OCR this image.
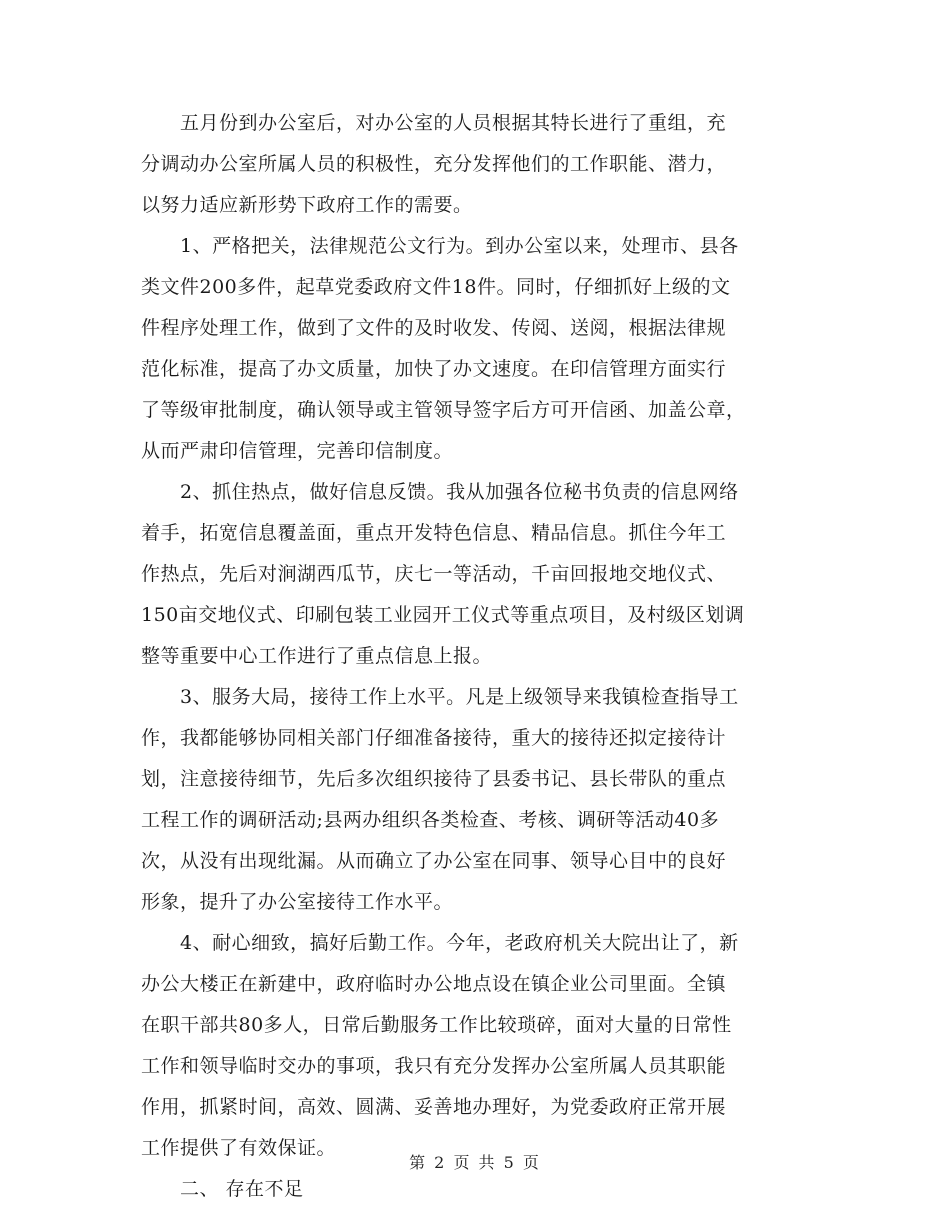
　　五月份到办公室后，对办公室的人员根据其特长进行了重组，充
分调动办公室所属人员的积极性，充分发挥他们的工作职能、潜力，
以努力适应新形势下政府工作的需要。
　　1、严格把关，法律规范公文行为。到办公室以来，处理市、县各
类文件200多件，起草党委政府文件18件。同时，仔细抓好上级的文
件程序处理工作，做到了文件的及时收发、传阅、送阅，根据法律规
范化标准，提高了办文质量，加快了办文速度。在印信管理方面实行
了等级审批制度，确认领导或主管领导签字后方可开信函、加盖公章，
从而严肃印信管理，完善印信制度。
　　2、抓住热点，做好信息反馈。我从加强各位秘书负责的信息网络
着手，拓宽信息覆盖面，重点开发特色信息、精品信息。抓住今年工
作热点，先后对涧湖西瓜节，庆七一等活动，千亩回报地交地仪式、
150亩交地仪式、印刷包装工业园开工仪式等重点项目，及村级区划调
整等重要中心工作进行了重点信息上报。
　　3、服务大局，接待工作上水平。凡是上级领导来我镇检查指导工
作，我都能够协同相关部门仔细准备接待，重大的接待还拟定接待计
划，注意接待细节，先后多次组织接待了县委书记、县长带队的重点
工程工作的调研活动;县两办组织各类检查、考核、调研等活动40多
次，从没有出现纰漏。从而确立了办公室在同事、领导心目中的良好
形象，提升了办公室接待工作水平。
　　4、耐心细致，搞好后勤工作。今年，老政府机关大院出让了，新
办公大楼正在新建中，政府临时办公地点设在镇企业公司里面。全镇
在职干部共80多人，日常后勤服务工作比较琐碎，面对大量的日常性
工作和领导临时交办的事项，我只有充分发挥办公室所属人员其职能
作用，抓紧时间，高效、圆满、妥善地办理好，为党委政府正常开展
工作提供了有效保证。
　　二、 存在不足
第 2 页 共 5 页
